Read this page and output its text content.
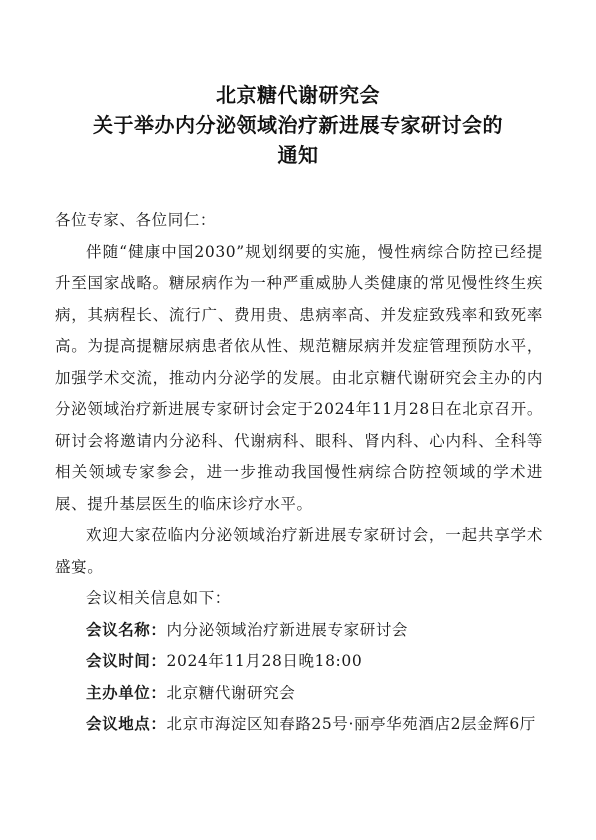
北京糖代谢研究会
关于举办内分泌领域治疗新进展专家研讨会的
通知

各位专家、各位同仁：

伴随“健康中国2030”规划纲要的实施，慢性病综合防控已经提升至国家战略。糖尿病作为一种严重威胁人类健康的常见慢性终生疾病，其病程长、流行广、费用贵、患病率高、并发症致残率和致死率高。为提高提糖尿病患者依从性、规范糖尿病并发症管理预防水平，加强学术交流，推动内分泌学的发展。由北京糖代谢研究会主办的内分泌领域治疗新进展专家研讨会定于2024年11月28日在北京召开。研讨会将邀请内分泌科、代谢病科、眼科、肾内科、心内科、全科等相关领域专家参会，进一步推动我国慢性病综合防控领域的学术进展、提升基层医生的临床诊疗水平。

欢迎大家莅临内分泌领域治疗新进展专家研讨会，一起共享学术盛宴。

会议相关信息如下：

会议名称：内分泌领域治疗新进展专家研讨会

会议时间：2024年11月28日晚18:00

主办单位：北京糖代谢研究会

会议地点：北京市海淀区知春路25号·丽亭华苑酒店2层金辉6厅
